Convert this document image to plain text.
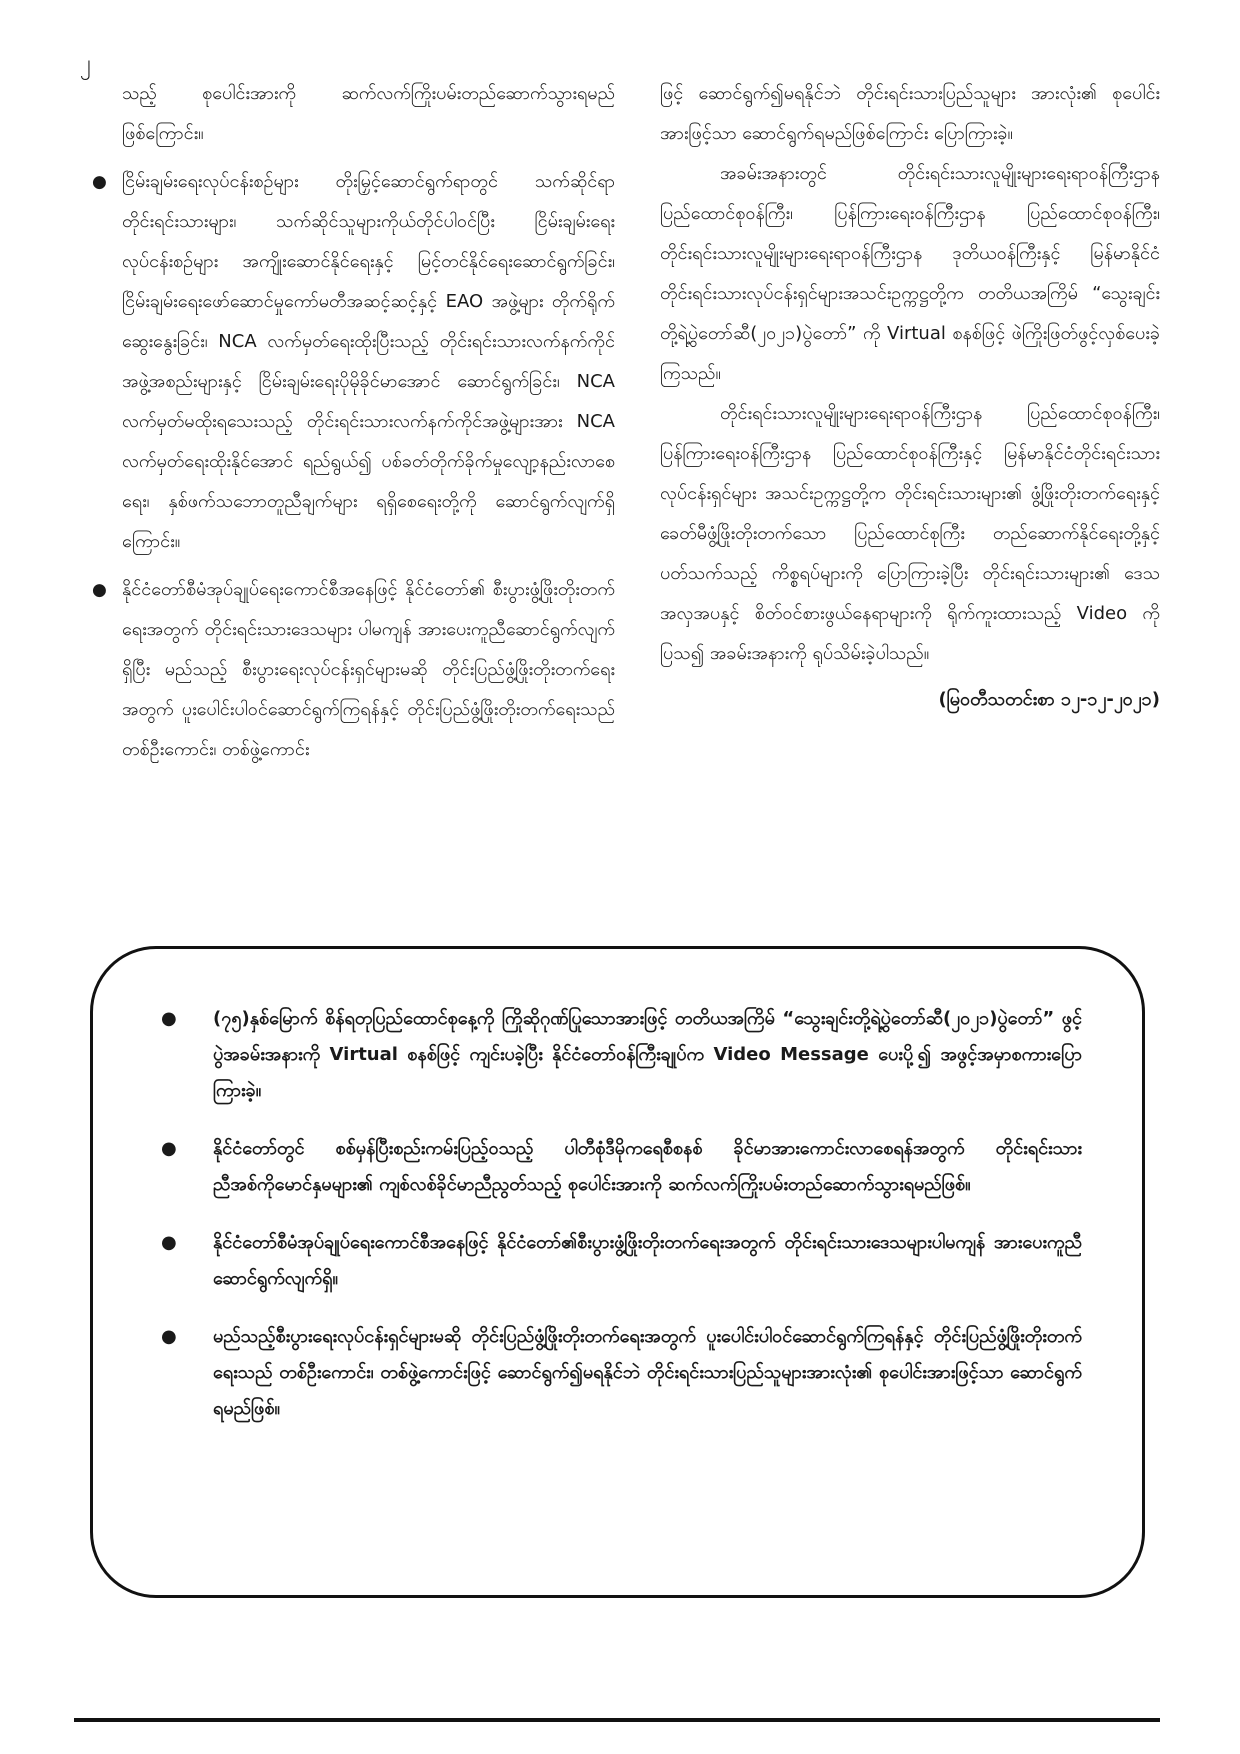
၂

သည့် စုပေါင်းအားကို ဆက်လက်ကြိုးပမ်းတည်ဆောက်သွားရမည်ဖြစ်ကြောင်း။

● ငြိမ်းချမ်းရေးလုပ်ငန်းစဉ်များ တိုးမြှင့်ဆောင်ရွက်ရာတွင် သက်ဆိုင်ရာတိုင်းရင်းသားများ၊ သက်ဆိုင်သူများကိုယ်တိုင်ပါဝင်ပြီး ငြိမ်းချမ်းရေးလုပ်ငန်းစဉ်များ အကျိုးဆောင်နိုင်ရေးနှင့် မြင့်တင်နိုင်ရေးဆောင်ရွက်ခြင်း၊ ငြိမ်းချမ်းရေးဖော်ဆောင်မှုကော်မတီအဆင့်ဆင့်နှင့် EAO အဖွဲ့များ တိုက်ရိုက်ဆွေးနွေးခြင်း၊ NCA လက်မှတ်ရေးထိုးပြီးသည့် တိုင်းရင်းသားလက်နက်ကိုင်အဖွဲ့အစည်းများနှင့် ငြိမ်းချမ်းရေးပိုမိုခိုင်မာအောင် ဆောင်ရွက်ခြင်း၊ NCA လက်မှတ်မထိုးရသေးသည့် တိုင်းရင်းသားလက်နက်ကိုင်အဖွဲ့များအား NCA လက်မှတ်ရေးထိုးနိုင်အောင် ရည်ရွယ်၍ ပစ်ခတ်တိုက်ခိုက်မှုလျော့နည်းလာစေရေး၊ နှစ်ဖက်သဘောတူညီချက်များ ရရှိစေရေးတို့ကို ဆောင်ရွက်လျက်ရှိကြောင်း။
● နိုင်ငံတော်စီမံအုပ်ချုပ်ရေးကောင်စီအနေဖြင့် နိုင်ငံတော်၏ စီးပွားဖွံ့ဖြိုးတိုးတက်ရေးအတွက် တိုင်းရင်းသားဒေသများ ပါမကျန် အားပေးကူညီဆောင်ရွက်လျက်ရှိပြီး မည်သည့် စီးပွားရေးလုပ်ငန်းရှင်များမဆို တိုင်းပြည်ဖွံ့ဖြိုးတိုးတက်ရေးအတွက် ပူးပေါင်းပါဝင်ဆောင်ရွက်ကြရန်နှင့် တိုင်းပြည်ဖွံ့ဖြိုးတိုးတက်ရေးသည် တစ်ဦးကောင်း၊ တစ်ဖွဲ့ကောင်း

ဖြင့် ဆောင်ရွက်၍မရနိုင်ဘဲ တိုင်းရင်းသားပြည်သူများ အားလုံး၏ စုပေါင်းအားဖြင့်သာ ဆောင်ရွက်ရမည်ဖြစ်ကြောင်း ပြောကြားခဲ့။

အခမ်းအနားတွင် တိုင်းရင်းသားလူမျိုးများရေးရာဝန်ကြီးဌာန ပြည်ထောင်စုဝန်ကြီး၊ ပြန်ကြားရေးဝန်ကြီးဌာန ပြည်ထောင်စုဝန်ကြီး၊ တိုင်းရင်းသားလူမျိုးများရေးရာဝန်ကြီးဌာန ဒုတိယဝန်ကြီးနှင့် မြန်မာနိုင်ငံတိုင်းရင်းသားလုပ်ငန်းရှင်များအသင်းဥက္ကဋ္ဌတို့က တတိယအကြိမ် “သွေးချင်းတို့ရဲ့ပွဲတော်ဆီ(၂၀၂၁)ပွဲတော်” ကို Virtual စနစ်ဖြင့် ဖဲကြိုးဖြတ်ဖွင့်လှစ်ပေးခဲ့ကြသည်။

တိုင်းရင်းသားလူမျိုးများရေးရာဝန်ကြီးဌာန ပြည်ထောင်စုဝန်ကြီး၊ ပြန်ကြားရေးဝန်ကြီးဌာန ပြည်ထောင်စုဝန်ကြီးနှင့် မြန်မာနိုင်ငံတိုင်းရင်းသားလုပ်ငန်းရှင်များ အသင်းဥက္ကဋ္ဌတို့က တိုင်းရင်းသားများ၏ ဖွံ့ဖြိုးတိုးတက်ရေးနှင့် ခေတ်မီဖွံ့ဖြိုးတိုးတက်သော ပြည်ထောင်စုကြီး တည်ဆောက်နိုင်ရေးတို့နှင့် ပတ်သက်သည့် ကိစ္စရပ်များကို ပြောကြားခဲ့ပြီး တိုင်းရင်းသားများ၏ ဒေသအလှအပနှင့် စိတ်ဝင်စားဖွယ်နေရာများကို ရိုက်ကူးထားသည့် Video ကိုပြသ၍ အခမ်းအနားကို ရုပ်သိမ်းခဲ့ပါသည်။

(မြဝတီသတင်းစာ ၁၂-၁၂-၂၀၂၁)

● (၇၅)နှစ်မြောက် စိန်ရတုပြည်ထောင်စုနေ့ကို ကြိုဆိုဂုဏ်ပြုသောအားဖြင့် တတိယအကြိမ် “သွေးချင်းတို့ရဲ့ပွဲတော်ဆီ(၂၀၂၁)ပွဲတော်” ဖွင့်ပွဲအခမ်းအနားကို Virtual စနစ်ဖြင့် ကျင်းပခဲ့ပြီး နိုင်ငံတော်ဝန်ကြီးချုပ်က Video Message ပေးပို့၍ အဖွင့်အမှာစကားပြောကြားခဲ့။
● နိုင်ငံတော်တွင် စစ်မှန်ပြီးစည်းကမ်းပြည့်ဝသည့် ပါတီစုံဒီမိုကရေစီစနစ် ခိုင်မာအားကောင်းလာစေရန်အတွက် တိုင်းရင်းသားညီအစ်ကိုမောင်နှမများ၏ ကျစ်လစ်ခိုင်မာညီညွတ်သည့် စုပေါင်းအားကို ဆက်လက်ကြိုးပမ်းတည်ဆောက်သွားရမည်ဖြစ်။
● နိုင်ငံတော်စီမံအုပ်ချုပ်ရေးကောင်စီအနေဖြင့် နိုင်ငံတော်၏စီးပွားဖွံ့ဖြိုးတိုးတက်ရေးအတွက် တိုင်းရင်းသားဒေသများပါမကျန် အားပေးကူညီဆောင်ရွက်လျက်ရှိ။
● မည်သည့်စီးပွားရေးလုပ်ငန်းရှင်များမဆို တိုင်းပြည်ဖွံ့ဖြိုးတိုးတက်ရေးအတွက် ပူးပေါင်းပါဝင်ဆောင်ရွက်ကြရန်နှင့် တိုင်းပြည်ဖွံ့ဖြိုးတိုးတက်ရေးသည် တစ်ဦးကောင်း၊ တစ်ဖွဲ့ကောင်းဖြင့် ဆောင်ရွက်၍မရနိုင်ဘဲ တိုင်းရင်းသားပြည်သူများအားလုံး၏ စုပေါင်းအားဖြင့်သာ ဆောင်ရွက်ရမည်ဖြစ်။
